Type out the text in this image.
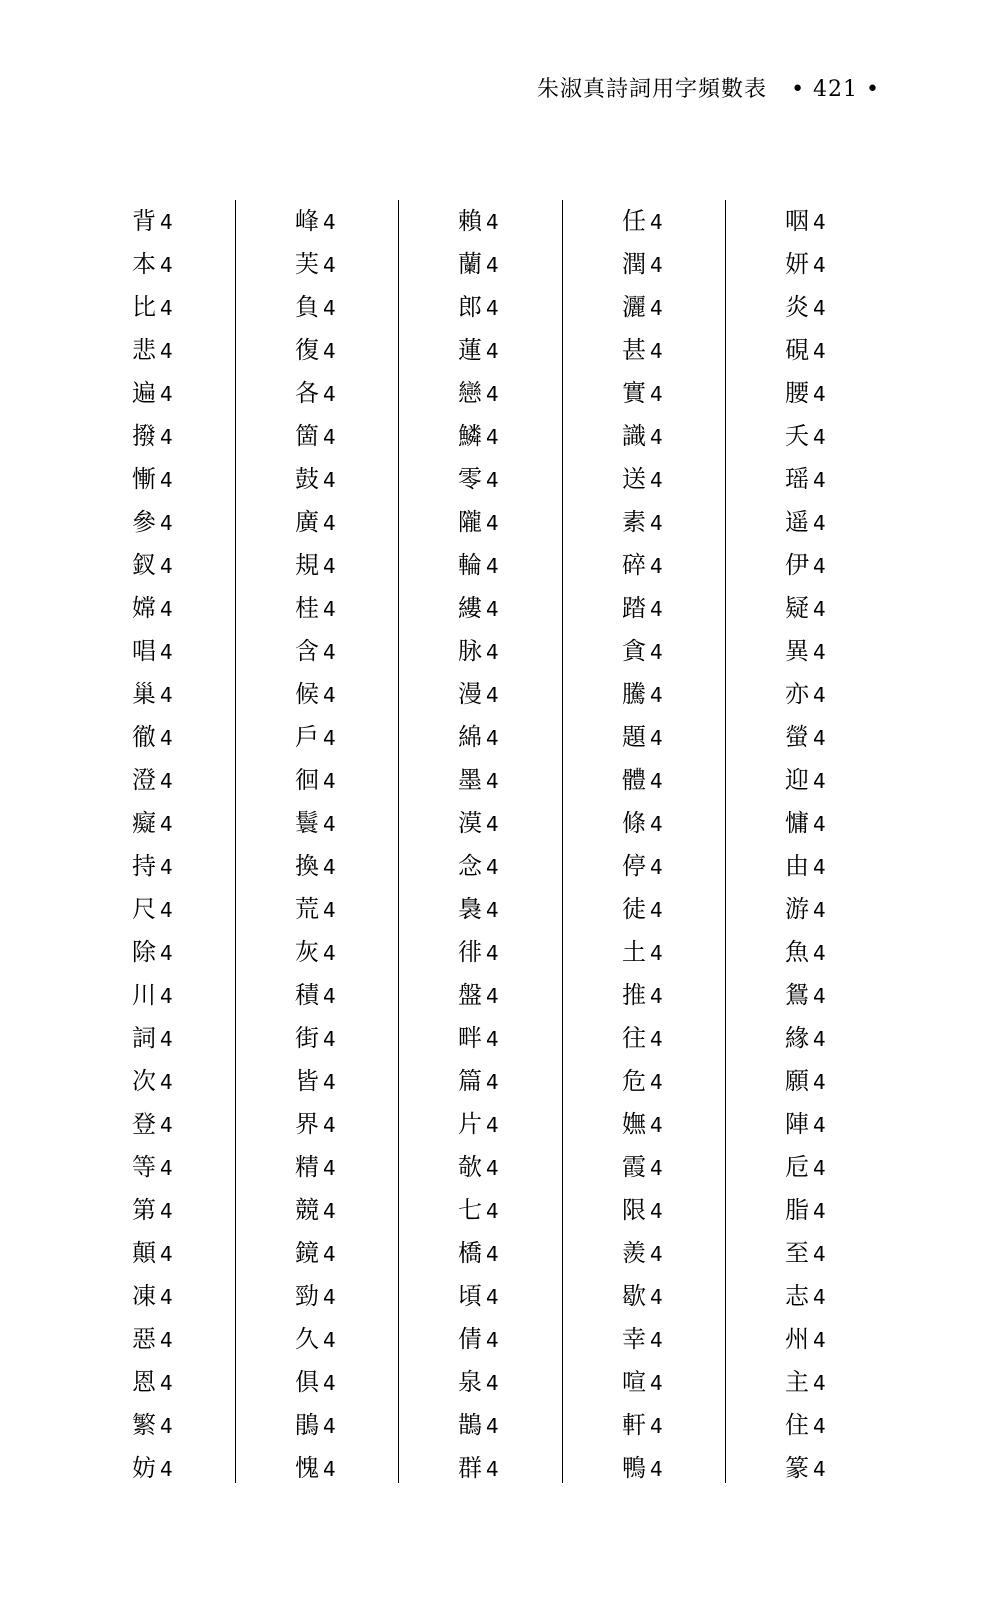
朱淑真詩詞用字頻數表 • 421 •
背 4
本 4
比 4
悲 4
遍 4
撥 4
慚 4
參 4
釵 4
嫦 4
唱 4
巢 4
徹 4
澄 4
癡 4
持 4
尺 4
除 4
川 4
詞 4
次 4
登 4
等 4
第 4
顛 4
凍 4
惡 4
恩 4
繁 4
妨 4
峰 4
芙 4
負 4
復 4
各 4
箇 4
鼓 4
廣 4
規 4
桂 4
含 4
候 4
戶 4
徊 4
鬟 4
換 4
荒 4
灰 4
積 4
街 4
皆 4
界 4
精 4
競 4
鏡 4
勁 4
久 4
俱 4
鵑 4
愧 4
賴 4
蘭 4
郎 4
蓮 4
戀 4
鱗 4
零 4
隴 4
輪 4
縷 4
脉 4
漫 4
綿 4
墨 4
漠 4
念 4
裊 4
徘 4
盤 4
畔 4
篇 4
片 4
欹 4
七 4
橋 4
頃 4
倩 4
泉 4
鵲 4
群 4
任 4
潤 4
灑 4
甚 4
實 4
識 4
送 4
素 4
碎 4
踏 4
貪 4
騰 4
題 4
體 4
條 4
停 4
徒 4
土 4
推 4
往 4
危 4
嫵 4
霞 4
限 4
羨 4
歇 4
幸 4
喧 4
軒 4
鴨 4
咽 4
妍 4
炎 4
硯 4
腰 4
夭 4
瑶 4
遥 4
伊 4
疑 4
異 4
亦 4
螢 4
迎 4
慵 4
由 4
游 4
魚 4
鴛 4
緣 4
願 4
陣 4
卮 4
脂 4
至 4
志 4
州 4
主 4
住 4
篆 4
